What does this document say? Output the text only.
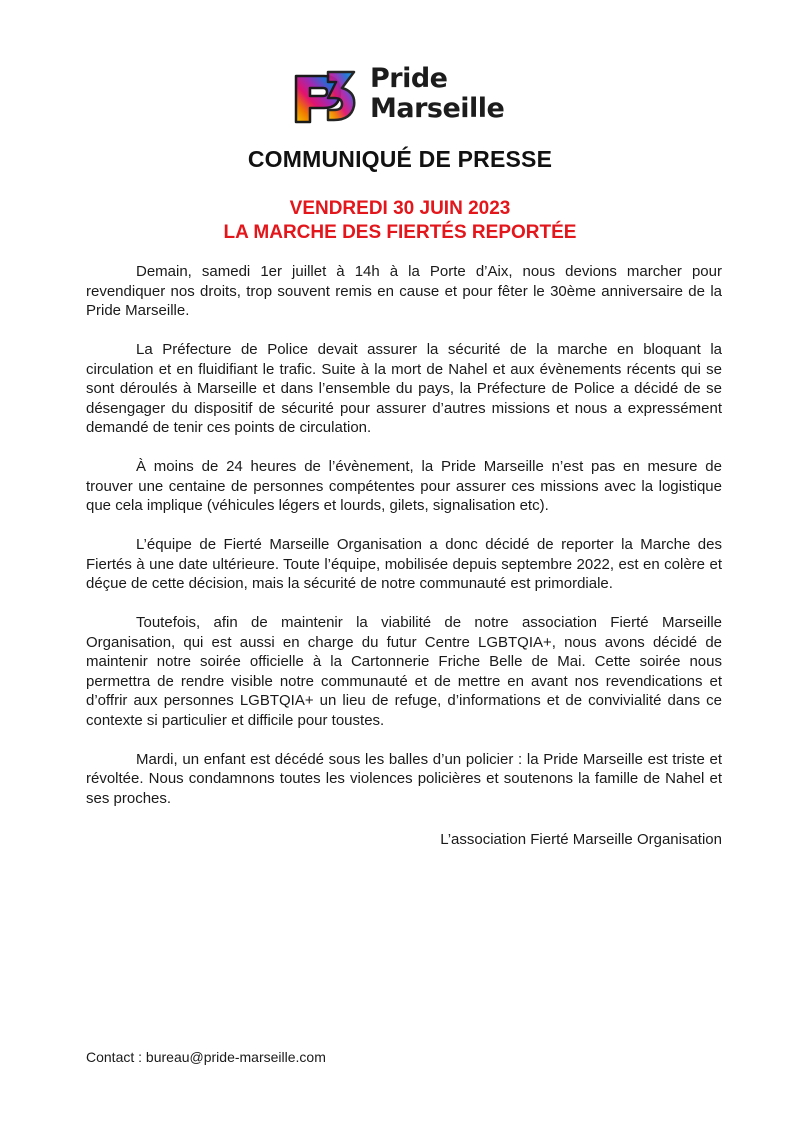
Pride
Marseille
COMMUNIQUÉ DE PRESSE
VENDREDI 30 JUIN 2023
LA MARCHE DES FIERTÉS REPORTÉE

Demain, samedi 1er juillet à 14h à la Porte d’Aix, nous devions marcher pour revendiquer nos droits, trop souvent remis en cause et pour fêter le 30ème anniversaire de la Pride Marseille.

La Préfecture de Police devait assurer la sécurité de la marche en bloquant la circulation et en fluidifiant le trafic. Suite à la mort de Nahel et aux évènements récents qui se sont déroulés à Marseille et dans l’ensemble du pays, la Préfecture de Police a décidé de se désengager du dispositif de sécurité pour assurer d’autres missions et nous a expressément demandé de tenir ces points de circulation.

À moins de 24 heures de l’évènement, la Pride Marseille n’est pas en mesure de trouver une centaine de personnes compétentes pour assurer ces missions avec la logistique que cela implique (véhicules légers et lourds, gilets, signalisation etc).

L’équipe de Fierté Marseille Organisation a donc décidé de reporter la Marche des Fiertés à une date ultérieure. Toute l’équipe, mobilisée depuis septembre 2022, est en colère et déçue de cette décision, mais la sécurité de notre communauté est primordiale.

Toutefois, afin de maintenir la viabilité de notre association Fierté Marseille Organisation, qui est aussi en charge du futur Centre LGBTQIA+, nous avons décidé de maintenir notre soirée officielle à la Cartonnerie Friche Belle de Mai. Cette soirée nous permettra de rendre visible notre communauté et de mettre en avant nos revendications et d’offrir aux personnes LGBTQIA+ un lieu de refuge, d’informations et de convivialité dans ce contexte si particulier et difficile pour toustes.

Mardi, un enfant est décédé sous les balles d’un policier : la Pride Marseille est triste et révoltée. Nous condamnons toutes les violences policières et soutenons la famille de Nahel et ses proches.

L’association Fierté Marseille Organisation
Contact : bureau@pride-marseille.com
